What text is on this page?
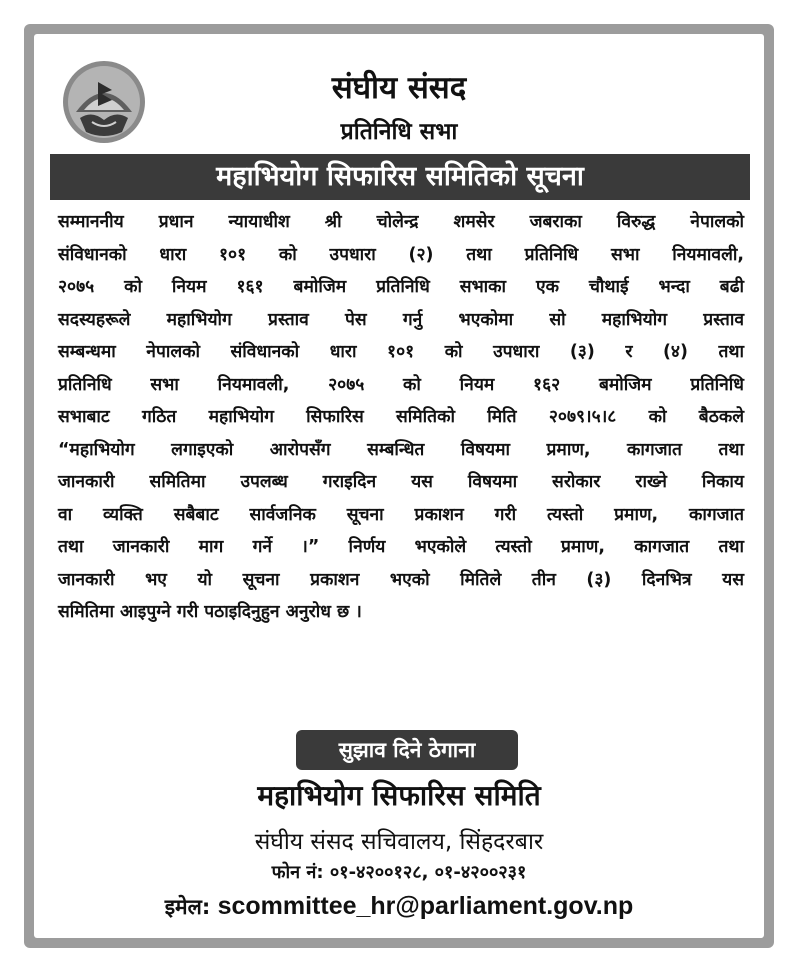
संघीय संसद
प्रतिनिधि सभा
महाभियोग सिफारिस समितिको सूचना
सम्माननीय प्रधान न्यायाधीश श्री चोलेन्द्र शमसेर जबराका विरुद्ध नेपालको
संविधानको धारा १०१ को उपधारा (२) तथा प्रतिनिधि सभा नियमावली,
२०७५ को नियम १६१ बमोजिम प्रतिनिधि सभाका एक चौथाई भन्दा बढी
सदस्यहरूले महाभियोग प्रस्ताव पेस गर्नु भएकोमा सो महाभियोग प्रस्ताव
सम्बन्धमा नेपालको संविधानको धारा १०१ को उपधारा (३) र (४) तथा
प्रतिनिधि सभा नियमावली, २०७५ को नियम १६२ बमोजिम प्रतिनिधि
सभाबाट गठित महाभियोग सिफारिस समितिको मिति २०७९।५।८ को बैठकले
“महाभियोग लगाइएको आरोपसँग सम्बन्धित विषयमा प्रमाण, कागजात तथा
जानकारी समितिमा उपलब्ध गराइदिन यस विषयमा सरोकार राख्ने निकाय
वा व्यक्ति सबैबाट सार्वजनिक सूचना प्रकाशन गरी त्यस्तो प्रमाण, कागजात
तथा जानकारी माग गर्ने ।” निर्णय भएकोले त्यस्तो प्रमाण, कागजात तथा
जानकारी भए यो सूचना प्रकाशन भएको मितिले तीन (३) दिनभित्र यस
समितिमा आइपुग्ने गरी पठाइदिनुहुन अनुरोध छ ।
सुझाव दिने ठेगाना
महाभियोग सिफारिस समिति
संघीय संसद सचिवालय, सिंहदरबार
फोन नं: ०१-४२००१२८, ०१-४२००२३१
इमेल: scommittee_hr@parliament.gov.np
